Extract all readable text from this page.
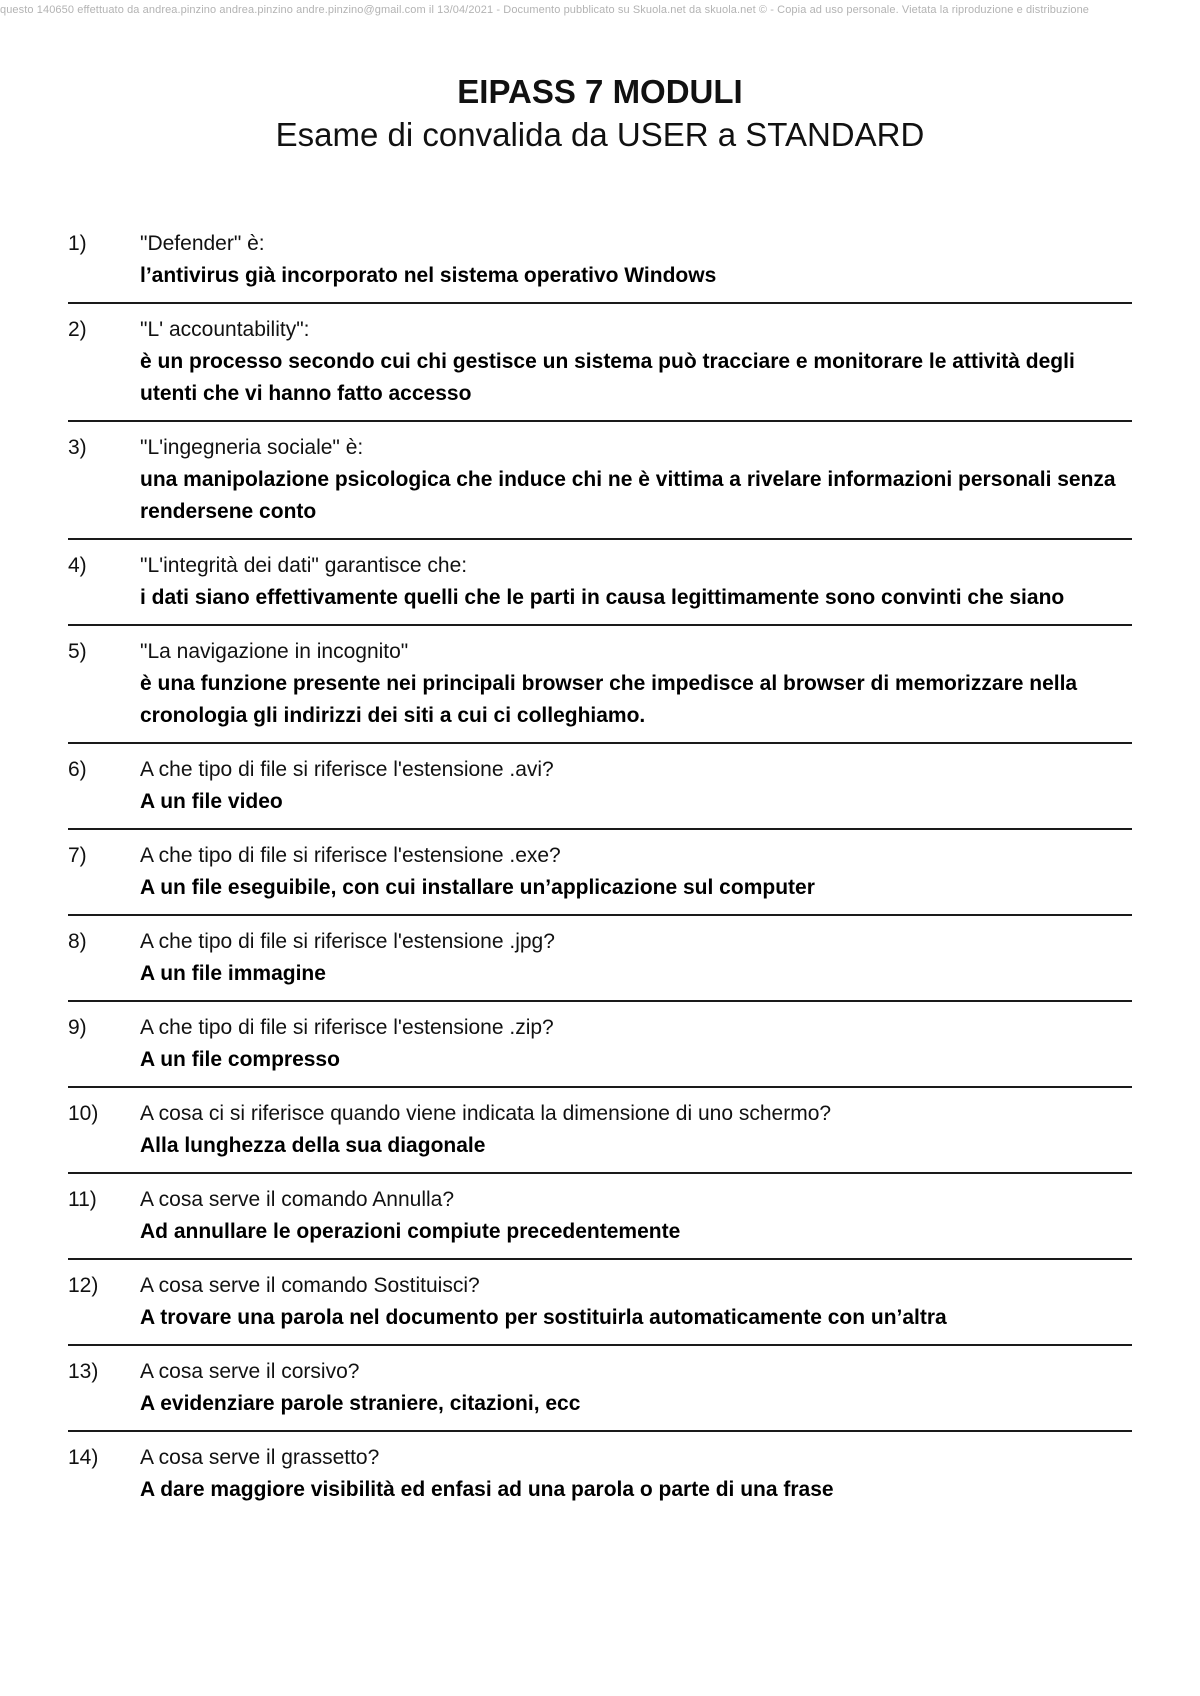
questo 140650 effettuato da andrea.pinzino andrea.pinzino andre.pinzino@gmail.com il 13/04/2021 - Documento pubblicato su Skuola.net da skuola.net © - Copia ad uso personale. Vietata la riproduzione e distribuzione
EIPASS 7 MODULI
Esame di convalida da USER a STANDARD
1)	"Defender" è:
l’antivirus già incorporato nel sistema operativo Windows
2)	"L' accountability":
è un processo secondo cui chi gestisce un sistema può tracciare e monitorare le attività degli utenti che vi hanno fatto accesso
3)	"L'ingegneria sociale" è:
una manipolazione psicologica che induce chi ne è vittima a rivelare informazioni personali senza rendersene conto
4)	"L'integrità dei dati" garantisce che:
i dati siano effettivamente quelli che le parti in causa legittimamente sono convinti che siano
5)	"La navigazione in incognito"
è una funzione presente nei principali browser che impedisce al browser di memorizzare nella cronologia gli indirizzi dei siti a cui ci colleghiamo.
6)	A che tipo di file si riferisce l'estensione .avi?
A un file video
7)	A che tipo di file si riferisce l'estensione .exe?
A un file eseguibile, con cui installare un’applicazione sul computer
8)	A che tipo di file si riferisce l'estensione .jpg?
A un file immagine
9)	A che tipo di file si riferisce l'estensione .zip?
A un file compresso
10)	A cosa ci si riferisce quando viene indicata la dimensione di uno schermo?
Alla lunghezza della sua diagonale
11)	A cosa serve il comando Annulla?
Ad annullare le operazioni compiute precedentemente
12)	A cosa serve il comando Sostituisci?
A trovare una parola nel documento per sostituirla automaticamente con un’altra
13)	A cosa serve il corsivo?
A evidenziare parole straniere, citazioni, ecc
14)	A cosa serve il grassetto?
A dare maggiore visibilità ed enfasi ad una parola o parte di una frase
